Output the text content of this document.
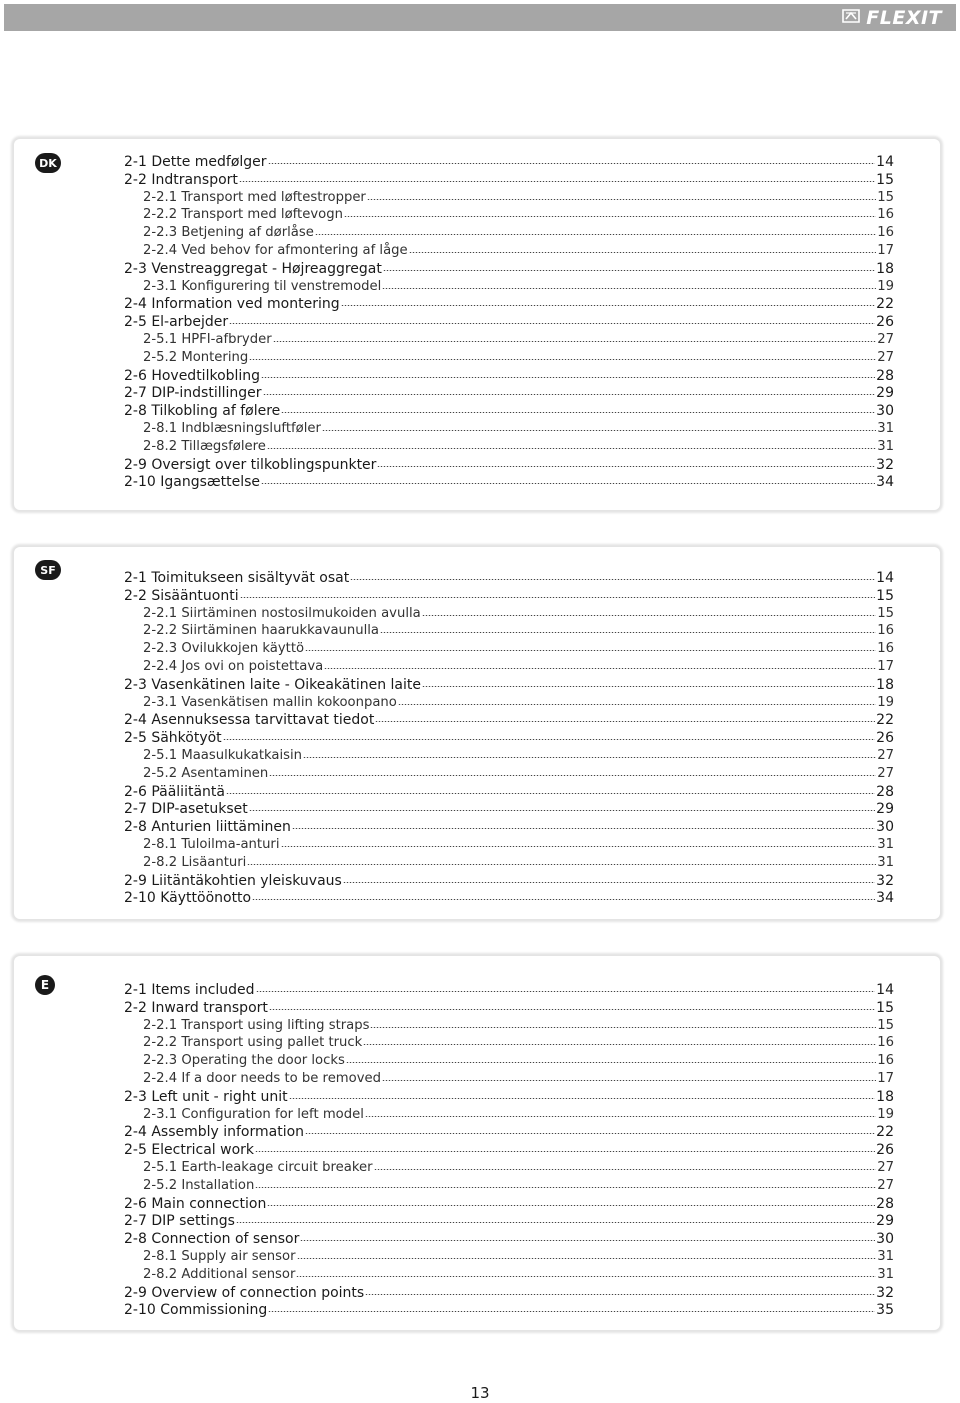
FLEXIT
DK	2-1 Dette medfølger	14
2-2 Indtransport	15
2-2.1 Transport med løftestropper	15
2-2.2 Transport med løftevogn	16
2-2.3 Betjening af dørlåse	16
2-2.4 Ved behov for afmontering af låge	17
2-3 Venstreaggregat - Højreaggregat	18
2-3.1 Konfigurering til venstremodel	19
2-4 Information ved montering	22
2-5 El-arbejder	26
2-5.1 HPFI-afbryder	27
2-5.2 Montering	27
2-6 Hovedtilkobling	28
2-7 DIP-indstillinger	29
2-8 Tilkobling af følere	30
2-8.1 Indblæsningsluftføler	31
2-8.2 Tillægsfølere	31
2-9 Oversigt over tilkoblingspunkter	32
2-10 Igangsættelse	34
SF	2-1 Toimitukseen sisältyvät osat	14
2-2 Sisääntuonti	15
2-2.1 Siirtäminen nostosilmukoiden avulla	15
2-2.2 Siirtäminen haarukkavaunulla	16
2-2.3 Ovilukkojen käyttö	16
2-2.4 Jos ovi on poistettava	17
2-3 Vasenkätinen laite - Oikeakätinen laite	18
2-3.1 Vasenkätisen mallin kokoonpano	19
2-4 Asennuksessa tarvittavat tiedot	22
2-5 Sähkötyöt	26
2-5.1 Maasulkukatkaisin	27
2-5.2 Asentaminen	27
2-6 Pääliitäntä	28
2-7 DIP-asetukset	29
2-8 Anturien liittäminen	30
2-8.1 Tuloilma-anturi	31
2-8.2 Lisäanturi	31
2-9 Liitäntäkohtien yleiskuvaus	32
2-10 Käyttöönotto	34
E	2-1 Items included	14
2-2 Inward transport	15
2-2.1 Transport using lifting straps	15
2-2.2 Transport using pallet truck	16
2-2.3 Operating the door locks	16
2-2.4 If a door needs to be removed	17
2-3 Left unit - right unit	18
2-3.1 Configuration for left model	19
2-4 Assembly information	22
2-5 Electrical work	26
2-5.1 Earth-leakage circuit breaker	27
2-5.2 Installation	27
2-6 Main connection	28
2-7 DIP settings	29
2-8 Connection of sensor	30
2-8.1 Supply air sensor	31
2-8.2 Additional sensor	31
2-9 Overview of connection points	32
2-10 Commissioning	35
13
